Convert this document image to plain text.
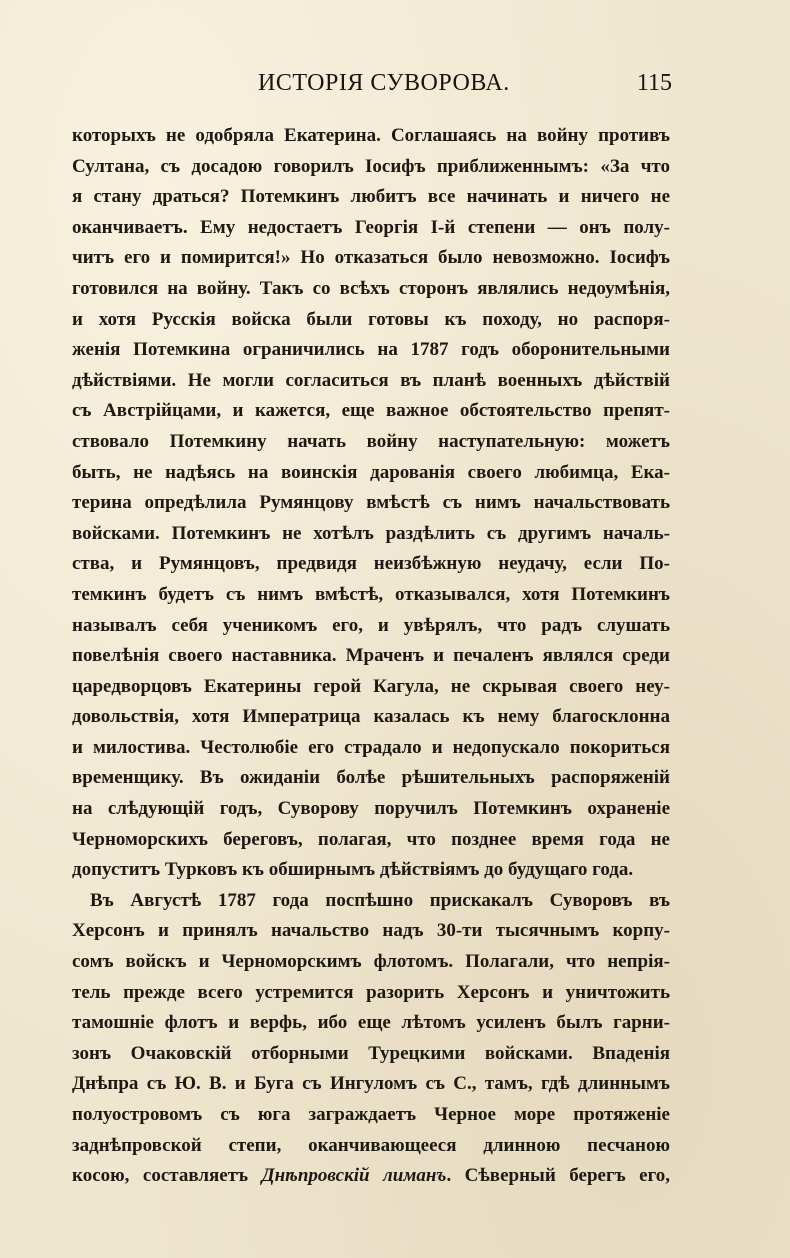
ИСТОРІЯ СУВОРОВА.	115
которыхъ не одобряла Екатерина. Соглашаясь на войну противъ
Султана, съ досадою говорилъ Іосифъ приближеннымъ: «За что
я стану драться? Потемкинъ любитъ все начинать и ничего не
оканчиваетъ. Ему недостаетъ Георгія І-й степени — онъ полу-
читъ его и помирится!» Но отказаться было невозможно. Іосифъ
готовился на войну. Такъ со всѣхъ сторонъ являлись недоумѣнія,
и хотя Русскія войска были готовы къ походу, но распоря-
женія Потемкина ограничились на 1787 годъ оборонительными
дѣйствіями. Не могли согласиться въ планѣ военныхъ дѣйствій
съ Австрійцами, и кажется, еще важное обстоятельство препят-
ствовало Потемкину начать войну наступательную: можетъ
быть, не надѣясь на воинскія дарованія своего любимца, Ека-
терина опредѣлила Румянцову вмѣстѣ съ нимъ начальствовать
войсками. Потемкинъ не хотѣлъ раздѣлить съ другимъ началь-
ства, и Румянцовъ, предвидя неизбѣжную неудачу, если По-
темкинъ будетъ съ нимъ вмѣстѣ, отказывался, хотя Потемкинъ
называлъ себя ученикомъ его, и увѣрялъ, что радъ слушать
повелѣнія своего наставника. Мраченъ и печаленъ являлся среди
царедворцовъ Екатерины герой Кагула, не скрывая своего неу-
довольствія, хотя Императрица казалась къ нему благосклонна
и милостива. Честолюбіе его страдало и недопускало покориться
временщику. Въ ожиданіи болѣе рѣшительныхъ распоряженій
на слѣдующій годъ, Суворову поручилъ Потемкинъ охраненіе
Черноморскихъ береговъ, полагая, что позднее время года не
допуститъ Турковъ къ обширнымъ дѣйствіямъ до будущаго года.
Въ Августѣ 1787 года поспѣшно прискакалъ Суворовъ въ
Херсонъ и принялъ начальство надъ 30-ти тысячнымъ корпу-
сомъ войскъ и Черноморскимъ флотомъ. Полагали, что непрія-
тель прежде всего устремится разорить Херсонъ и уничтожить
тамошніе флотъ и верфь, ибо еще лѣтомъ усиленъ былъ гарни-
зонъ Очаковскій отборными Турецкими войсками. Впаденія
Днѣпра съ Ю. В. и Буга съ Ингуломъ съ С., тамъ, гдѣ длиннымъ
полуостровомъ съ юга заграждаетъ Черное море протяженіе
заднѣпровской степи, оканчивающееся длинною песчаною
косою, составляетъ Днѣпровскій лиманъ. Сѣверный берегъ его,
